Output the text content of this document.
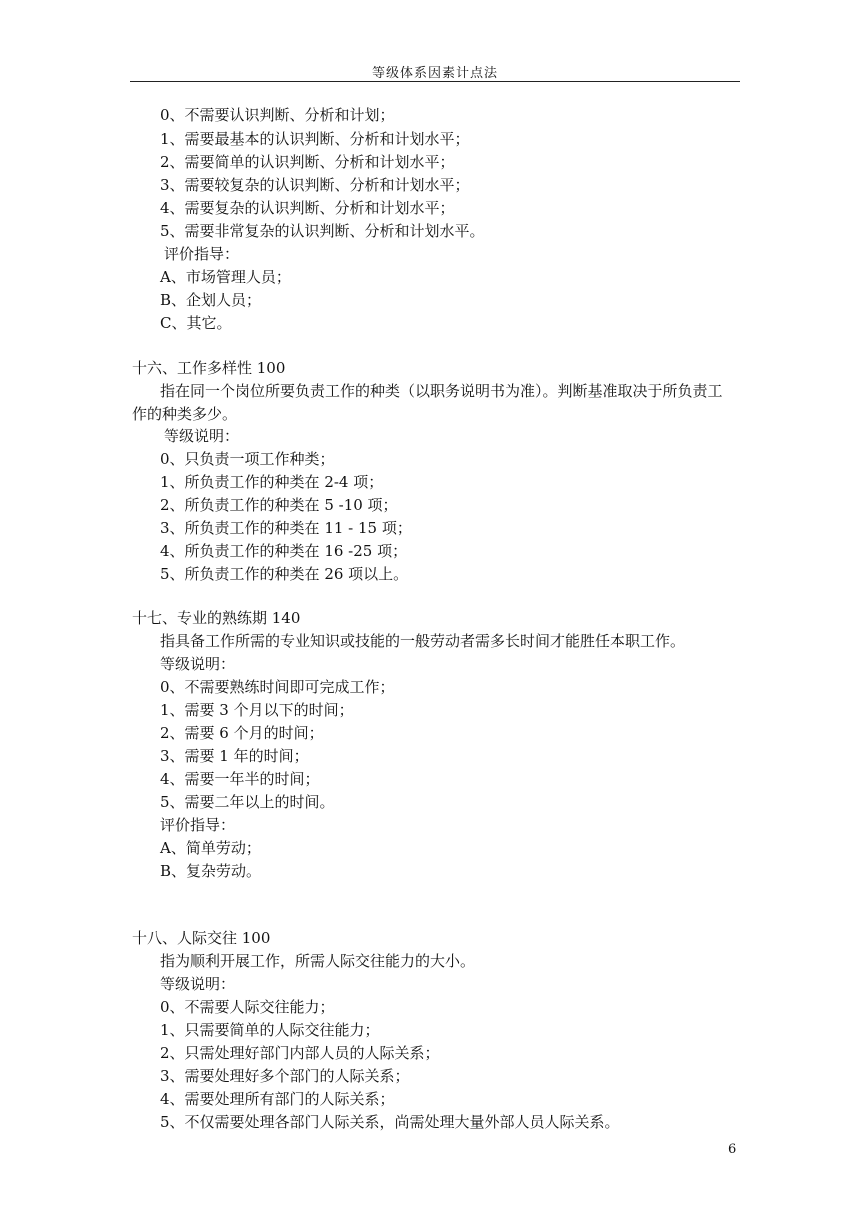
等级体系因素计点法
0、不需要认识判断、分析和计划；
1、需要最基本的认识判断、分析和计划水平；
2、需要简单的认识判断、分析和计划水平；
3、需要较复杂的认识判断、分析和计划水平；
4、需要复杂的认识判断、分析和计划水平；
5、需要非常复杂的认识判断、分析和计划水平。
评价指导：
A、市场管理人员；
B、企划人员；
C、其它。
十六、工作多样性 100
指在同一个岗位所要负责工作的种类（以职务说明书为准）。判断基准取决于所负责工作的种类多少。
等级说明：
0、只负责一项工作种类；
1、所负责工作的种类在 2-4 项；
2、所负责工作的种类在 5 -10 项；
3、所负责工作的种类在 11 - 15 项；
4、所负责工作的种类在 16 -25 项；
5、所负责工作的种类在 26 项以上。
十七、专业的熟练期 140
指具备工作所需的专业知识或技能的一般劳动者需多长时间才能胜任本职工作。
等级说明：
0、不需要熟练时间即可完成工作；
1、需要 3 个月以下的时间；
2、需要 6 个月的时间；
3、需要 1 年的时间；
4、需要一年半的时间；
5、需要二年以上的时间。
评价指导：
A、简单劳动；
B、复杂劳动。
十八、人际交往 100
指为顺利开展工作，所需人际交往能力的大小。
等级说明：
0、不需要人际交往能力；
1、只需要简单的人际交往能力；
2、只需处理好部门内部人员的人际关系；
3、需要处理好多个部门的人际关系；
4、需要处理所有部门的人际关系；
5、不仅需要处理各部门人际关系，尚需处理大量外部人员人际关系。
6
